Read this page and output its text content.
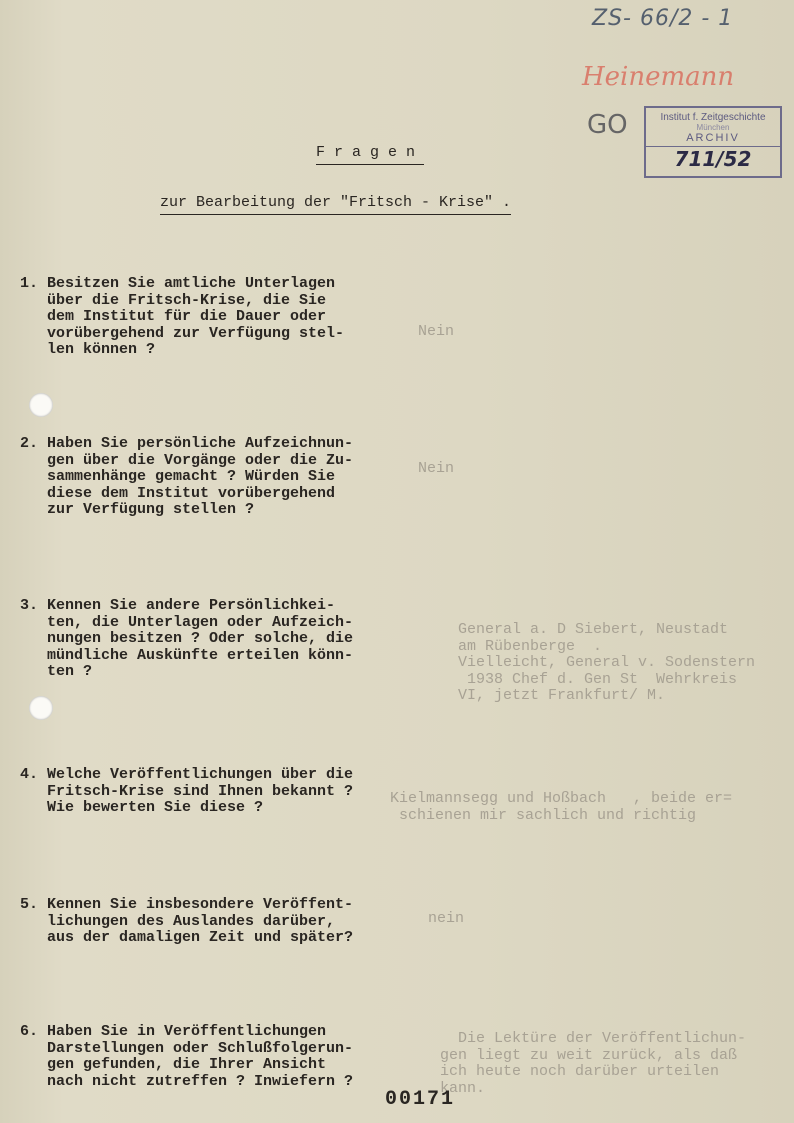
ZS- 66/2 - 1
Heinemann
GO	Institut f. Zeitgeschichte
München
ARCHIV
711/52
Fragen
zur Bearbeitung der "Fritsch - Krise" .
1. Besitzen Sie amtliche Unterlagen
über die Fritsch-Krise, die Sie
dem Institut für die Dauer oder
vorübergehend zur Verfügung stel-
len können ?
Nein
2. Haben Sie persönliche Aufzeichnun-
gen über die Vorgänge oder die Zu-
sammenhänge gemacht ? Würden Sie
diese dem Institut vorübergehend
zur Verfügung stellen ?
Nein
3. Kennen Sie andere Persönlichkei-
ten, die Unterlagen oder Aufzeich-
nungen besitzen ? Oder solche, die
mündliche Auskünfte erteilen könn-
ten ?
General a. D Siebert, Neustadt
am Rübenberge  .
Vielleicht, General v. Sodenstern
1938 Chef d. Gen St  Wehrkreis
VI, jetzt Frankfurt/ M.
4. Welche Veröffentlichungen über die
Fritsch-Krise sind Ihnen bekannt ?
Wie bewerten Sie diese ?
Kielmannsegg und Hoßbach   , beide er=
schienen mir sachlich und richtig
5. Kennen Sie insbesondere Veröffent-
lichungen des Auslandes darüber,
aus der damaligen Zeit und später?
nein
6. Haben Sie in Veröffentlichungen
Darstellungen oder Schlußfolgerun-
gen gefunden, die Ihrer Ansicht
nach nicht zutreffen ? Inwiefern ?
Die Lektüre der Veröffentlichun-
gen liegt zu weit zurück, als daß
ich heute noch darüber urteilen
kann.
00171
